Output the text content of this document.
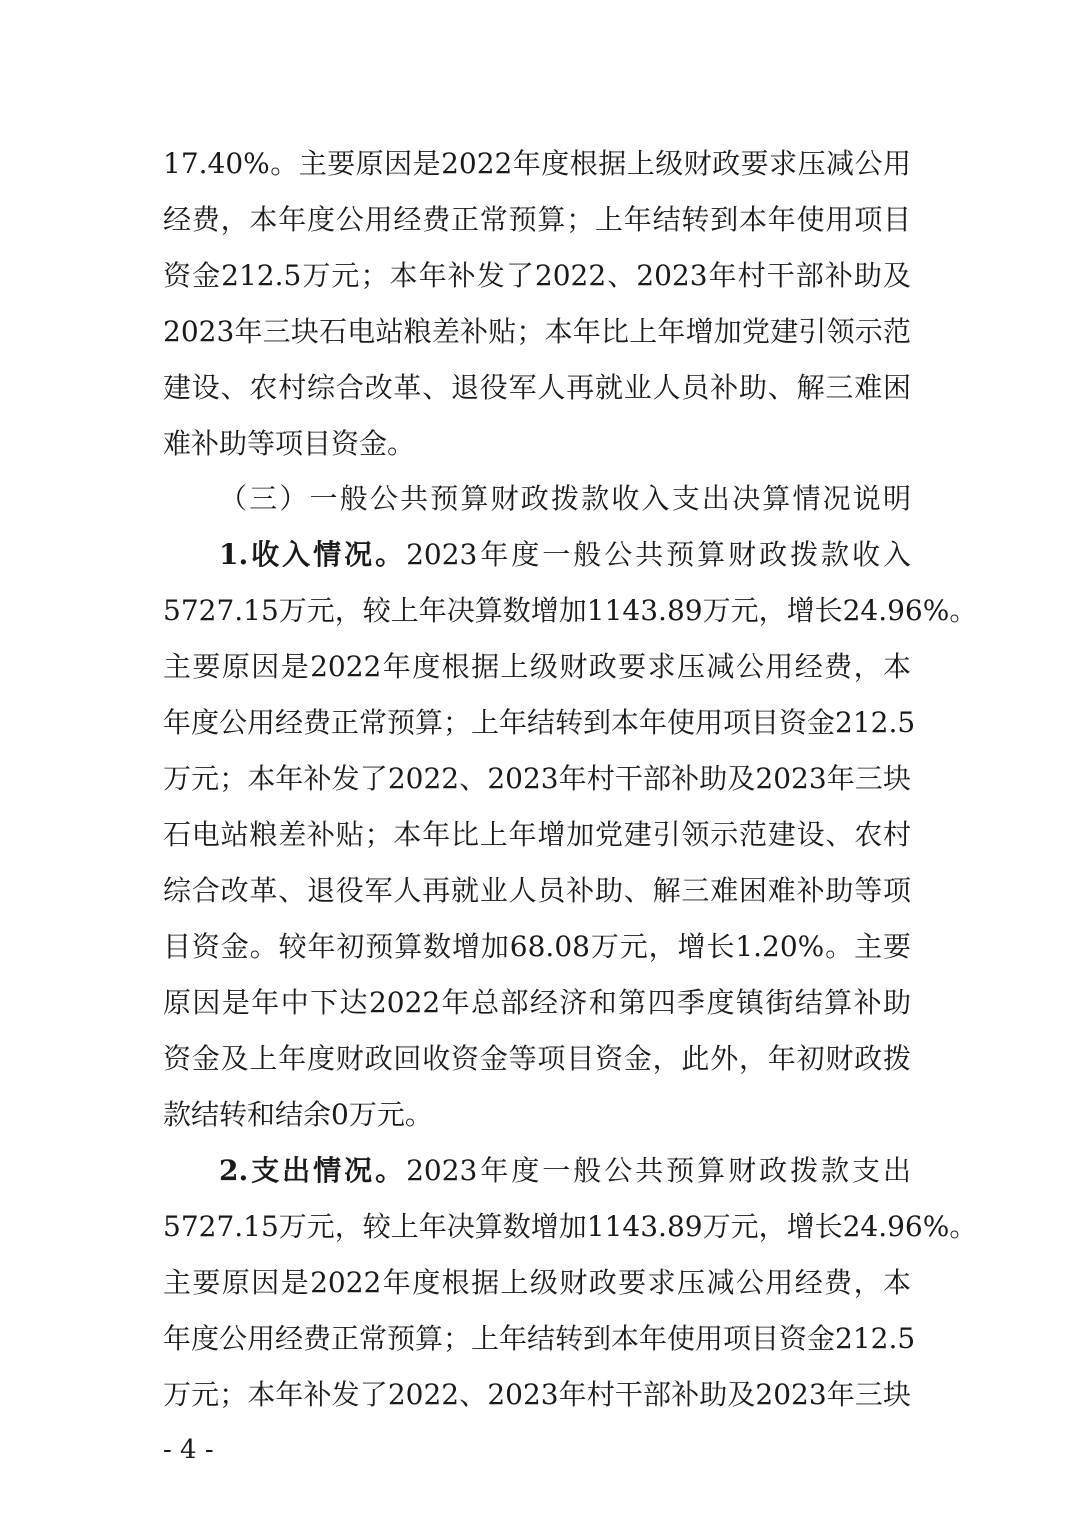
17.40%。主要原因是2022年度根据上级财政要求压减公用
经费，本年度公用经费正常预算；上年结转到本年使用项目
资金212.5万元；本年补发了2022、2023年村干部补助及
2023年三块石电站粮差补贴；本年比上年增加党建引领示范
建设、农村综合改革、退役军人再就业人员补助、解三难困
难补助等项目资金。
（三）一般公共预算财政拨款收入支出决算情况说明
1.收入情况。2023年度一般公共预算财政拨款收入
5727.15万元，较上年决算数增加1143.89万元，增长24.96%。
主要原因是2022年度根据上级财政要求压减公用经费，本
年度公用经费正常预算；上年结转到本年使用项目资金212.5
万元；本年补发了2022、2023年村干部补助及2023年三块
石电站粮差补贴；本年比上年增加党建引领示范建设、农村
综合改革、退役军人再就业人员补助、解三难困难补助等项
目资金。较年初预算数增加68.08万元，增长1.20%。主要
原因是年中下达2022年总部经济和第四季度镇街结算补助
资金及上年度财政回收资金等项目资金，此外，年初财政拨
款结转和结余0万元。
2.支出情况。2023年度一般公共预算财政拨款支出
5727.15万元，较上年决算数增加1143.89万元，增长24.96%。
主要原因是2022年度根据上级财政要求压减公用经费，本
年度公用经费正常预算；上年结转到本年使用项目资金212.5
万元；本年补发了2022、2023年村干部补助及2023年三块
- 4 -
